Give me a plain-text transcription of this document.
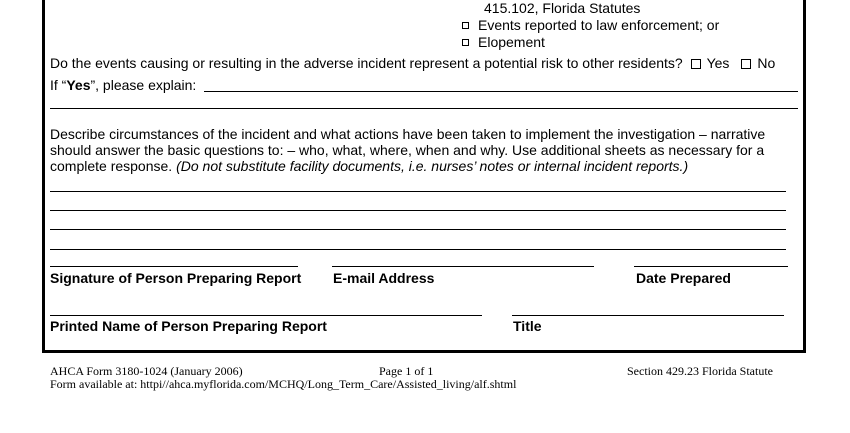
415.102, Florida Statutes
Events reported to law enforcement; or
Elopement
Do the events causing or resulting in the adverse incident represent a potential risk to other residents? Yes No
If “Yes”, please explain:
Describe circumstances of the incident and what actions have been taken to implement the investigation – narrative
should answer the basic questions to: – who, what, where, when and why. Use additional sheets as necessary for a
complete response. (Do not substitute facility documents, i.e. nurses’ notes or internal incident reports.)
Signature of Person Preparing Report E-mail Address	Date Prepared
Printed Name of Person Preparing Report	Title
AHCA Form 3180-1024 (January 2006)	Page 1 of 1	Section 429.23 Florida Statute
Form available at: httpi//ahca.myflorida.com/MCHQ/Long_Term_Care/Assisted_living/alf.shtml
